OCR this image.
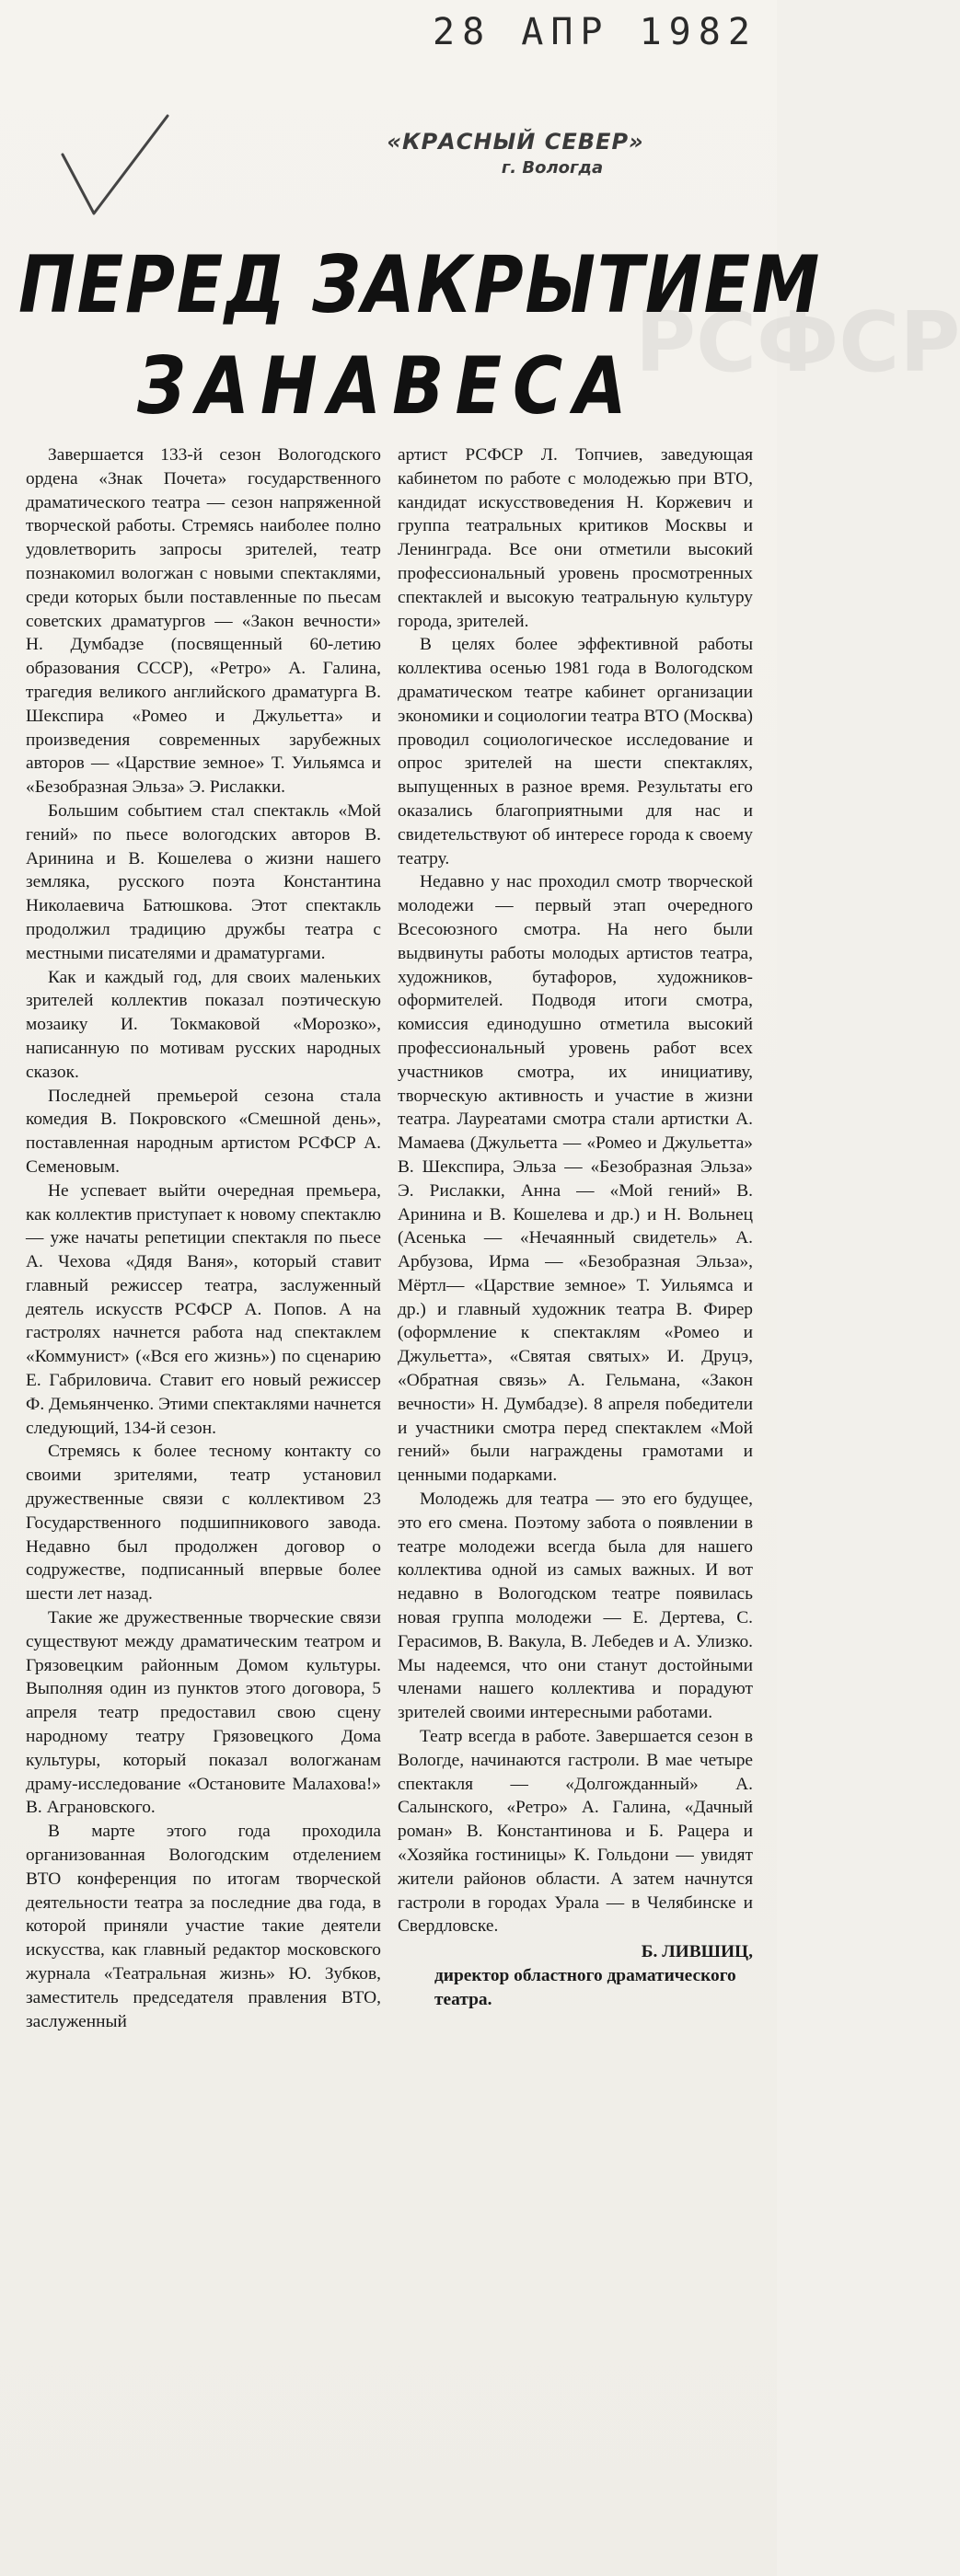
28 АПР 1982
«КРАСНЫЙ СЕВЕР»
г. Вологда
РСФСР
ПЕРЕД ЗАКРЫТИЕМ
ЗАНАВЕСА

Завершается 133-й сезон Вологодского ордена «Знак Почета» государственного драматического театра — сезон напряженной творческой работы. Стремясь наиболее полно удовлетворить запросы зрителей, театр познакомил вологжан с новыми спектаклями, среди которых были поставленные по пьесам советских драматургов — «Закон вечности» Н. Думбадзе (посвященный 60-летию образования СССР), «Ретро» А. Галина, трагедия великого английского драматурга В. Шекспира «Ромео и Джульетта» и произведения современных зарубежных авторов — «Царствие земное» Т. Уильямса и «Безобразная Эльза» Э. Рислакки.

Большим событием стал спектакль «Мой гений» по пьесе вологодских авторов В. Аринина и В. Кошелева о жизни нашего земляка, русского поэта Константина Николаевича Батюшкова. Этот спектакль продолжил традицию дружбы театра с местными писателями и драматургами.

Как и каждый год, для своих маленьких зрителей коллектив показал поэтическую мозаику И. Токмаковой «Морозко», написанную по мотивам русских народных сказок.

Последней премьерой сезона стала комедия В. Покровского «Смешной день», поставленная народным артистом РСФСР А. Семеновым.

Не успевает выйти очередная премьера, как коллектив приступает к новому спектаклю — уже начаты репетиции спектакля по пьесе А. Чехова «Дядя Ваня», который ставит главный режиссер театра, заслуженный деятель искусств РСФСР А. Попов. А на гастролях начнется работа над спектаклем «Коммунист» («Вся его жизнь») по сценарию Е. Габриловича. Ставит его новый режиссер Ф. Демьянченко. Этими спектаклями начнется следующий, 134-й сезон.

Стремясь к более тесному контакту со своими зрителями, театр установил дружественные связи с коллективом 23 Государственного подшипникового завода. Недавно был продолжен договор о содружестве, подписанный впервые более шести лет назад.

Такие же дружественные творческие связи существуют между драматическим театром и Грязовецким районным Домом культуры. Выполняя один из пунктов этого договора, 5 апреля театр предоставил свою сцену народному театру Грязовецкого Дома культуры, который показал вологжанам драму-исследование «Остановите Малахова!» В. Аграновского.

В марте этого года проходила организованная Вологодским отделением ВТО конференция по итогам творческой деятельности театра за последние два года, в которой приняли участие такие деятели искусства, как главный редактор московского журнала «Театральная жизнь» Ю. Зубков, заместитель председателя правления ВТО, заслуженный

артист РСФСР Л. Топчиев, заведующая кабинетом по работе с молодежью при ВТО, кандидат искусствоведения Н. Коржевич и группа театральных критиков Москвы и Ленинграда. Все они отметили высокий профессиональный уровень просмотренных спектаклей и высокую театральную культуру города, зрителей.

В целях более эффективной работы коллектива осенью 1981 года в Вологодском драматическом театре кабинет организации экономики и социологии театра ВТО (Москва) проводил социологическое исследование и опрос зрителей на шести спектаклях, выпущенных в разное время. Результаты его оказались благоприятными для нас и свидетельствуют об интересе города к своему театру.

Недавно у нас проходил смотр творческой молодежи — первый этап очередного Всесоюзного смотра. На него были выдвинуты работы молодых артистов театра, художников, бутафоров, художников-оформителей. Подводя итоги смотра, комиссия единодушно отметила высокий профессиональный уровень работ всех участников смотра, их инициативу, творческую активность и участие в жизни театра. Лауреатами смотра стали артистки А. Мамаева (Джульетта — «Ромео и Джульетта» В. Шекспира, Эльза — «Безобразная Эльза» Э. Рислакки, Анна — «Мой гений» В. Аринина и В. Кошелева и др.) и Н. Вольнец (Асенька — «Нечаянный свидетель» А. Арбузова, Ирма — «Безобразная Эльза», Мёртл— «Царствие земное» Т. Уильямса и др.) и главный художник театра В. Фирер (оформление к спектаклям «Ромео и Джульетта», «Святая святых» И. Друцэ, «Обратная связь» А. Гельмана, «Закон вечности» Н. Думбадзе). 8 апреля победители и участники смотра перед спектаклем «Мой гений» были награждены грамотами и ценными подарками.

Молодежь для театра — это его будущее, это его смена. Поэтому забота о появлении в театре молодежи всегда была для нашего коллектива одной из самых важных. И вот недавно в Вологодском театре появилась новая группа молодежи — Е. Дертева, С. Герасимов, В. Вакула, В. Лебедев и А. Улизко. Мы надеемся, что они станут достойными членами нашего коллектива и порадуют зрителей своими интересными работами.

Театр всегда в работе. Завершается сезон в Вологде, начинаются гастроли. В мае четыре спектакля — «Долгожданный» А. Салынского, «Ретро» А. Галина, «Дачный роман» В. Константинова и Б. Рацера и «Хозяйка гостиницы» К. Гольдони — увидят жители районов области. А затем начнутся гастроли в городах Урала — в Челябинске и Свердловске.

Б. ЛИВШИЦ,
директор областного драматического театра.
